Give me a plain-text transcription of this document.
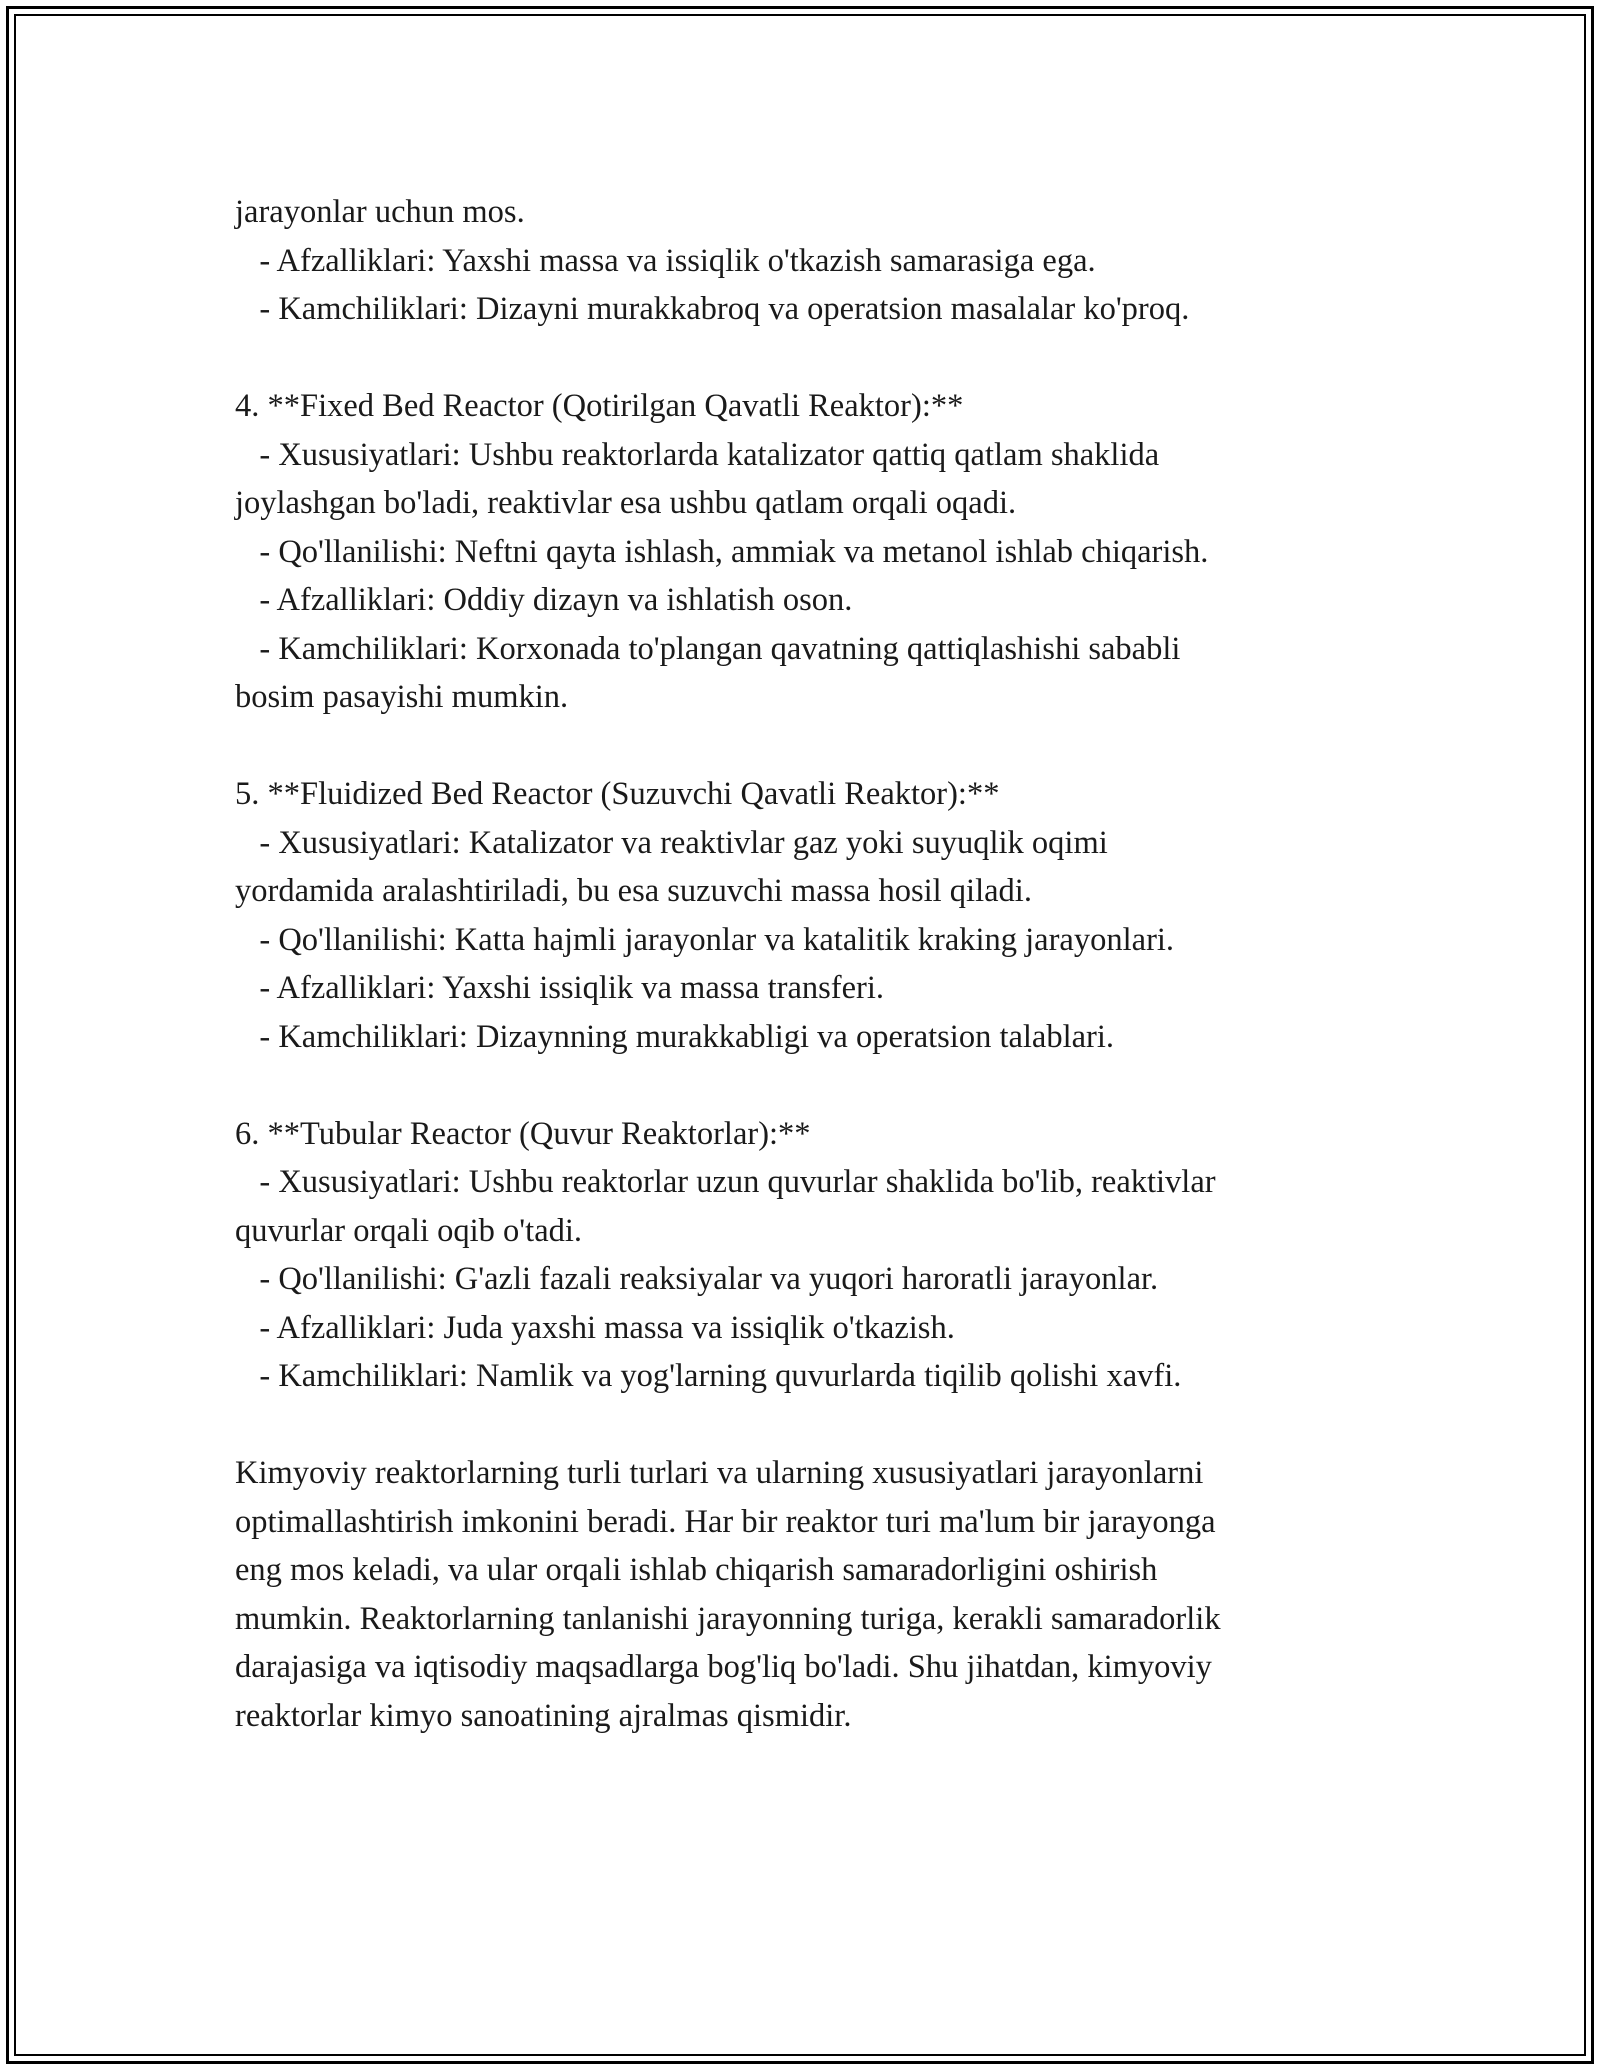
jarayonlar uchun mos.
- Afzalliklari: Yaxshi massa va issiqlik o'tkazish samarasiga ega.
- Kamchiliklari: Dizayni murakkabroq va operatsion masalalar ko'proq.
4. **Fixed Bed Reactor (Qotirilgan Qavatli Reaktor):**
- Xususiyatlari: Ushbu reaktorlarda katalizator qattiq qatlam shaklida
joylashgan bo'ladi, reaktivlar esa ushbu qatlam orqali oqadi.
- Qo'llanilishi: Neftni qayta ishlash, ammiak va metanol ishlab chiqarish.
- Afzalliklari: Oddiy dizayn va ishlatish oson.
- Kamchiliklari: Korxonada to'plangan qavatning qattiqlashishi sababli
bosim pasayishi mumkin.
5. **Fluidized Bed Reactor (Suzuvchi Qavatli Reaktor):**
- Xususiyatlari: Katalizator va reaktivlar gaz yoki suyuqlik oqimi
yordamida aralashtiriladi, bu esa suzuvchi massa hosil qiladi.
- Qo'llanilishi: Katta hajmli jarayonlar va katalitik kraking jarayonlari.
- Afzalliklari: Yaxshi issiqlik va massa transferi.
- Kamchiliklari: Dizaynning murakkabligi va operatsion talablari.
6. **Tubular Reactor (Quvur Reaktorlar):**
- Xususiyatlari: Ushbu reaktorlar uzun quvurlar shaklida bo'lib, reaktivlar
quvurlar orqali oqib o'tadi.
- Qo'llanilishi: G'azli fazali reaksiyalar va yuqori haroratli jarayonlar.
- Afzalliklari: Juda yaxshi massa va issiqlik o'tkazish.
- Kamchiliklari: Namlik va yog'larning quvurlarda tiqilib qolishi xavfi.
Kimyoviy reaktorlarning turli turlari va ularning xususiyatlari jarayonlarni
optimallashtirish imkonini beradi. Har bir reaktor turi ma'lum bir jarayonga
eng mos keladi, va ular orqali ishlab chiqarish samaradorligini oshirish
mumkin. Reaktorlarning tanlanishi jarayonning turiga, kerakli samaradorlik
darajasiga va iqtisodiy maqsadlarga bog'liq bo'ladi. Shu jihatdan, kimyoviy
reaktorlar kimyo sanoatining ajralmas qismidir.
